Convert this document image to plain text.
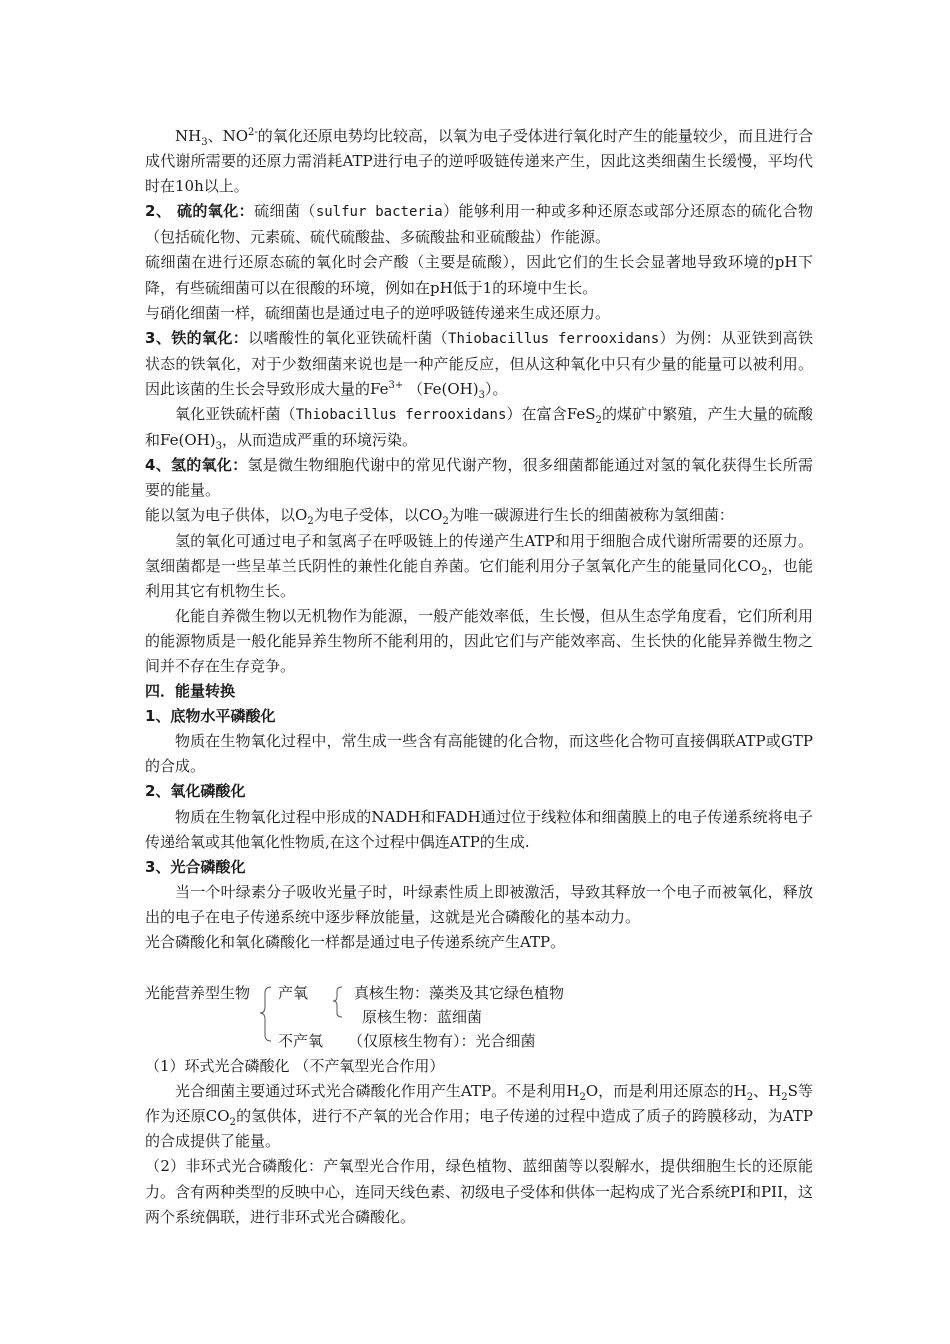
$NH_3$、$NO^{2-}$的氧化还原电势均比较高，以氧为电子受体进行氧化时产生的能量较少，而且进行合成代谢所需要的还原力需消耗ATP进行电子的逆呼吸链传递来产生，因此这类细菌生长缓慢，平均代时在10h以上。

2、 硫的氧化：硫细菌（sulfur bacteria）能够利用一种或多种还原态或部分还原态的硫化合物（包括硫化物、元素硫、硫代硫酸盐、多硫酸盐和亚硫酸盐）作能源。

硫细菌在进行还原态硫的氧化时会产酸（主要是硫酸），因此它们的生长会显著地导致环境的pH下降，有些硫细菌可以在很酸的环境，例如在pH低于1的环境中生长。

与硝化细菌一样，硫细菌也是通过电子的逆呼吸链传递来生成还原力。

3、铁的氧化：以嗜酸性的氧化亚铁硫杆菌（Thiobacillus ferrooxidans）为例：从亚铁到高铁状态的铁氧化，对于少数细菌来说也是一种产能反应，但从这种氧化中只有少量的能量可以被利用。因此该菌的生长会导致形成大量的$Fe^{3+}$ $(Fe(OH)_3)$。

氧化亚铁硫杆菌（Thiobacillus ferrooxidans）在富含FeS$_2$的煤矿中繁殖，产生大量的硫酸和$Fe(OH)_3$，从而造成严重的环境污染。

4、氢的氧化：氢是微生物细胞代谢中的常见代谢产物，很多细菌都能通过对氢的氧化获得生长所需要的能量。

能以氢为电子供体，以$O_2$为电子受体，以$CO_2$为唯一碳源进行生长的细菌被称为氢细菌：

氢的氧化可通过电子和氢离子在呼吸链上的传递产生ATP和用于细胞合成代谢所需要的还原力。氢细菌都是一些呈革兰氏阴性的兼性化能自养菌。它们能利用分子氢氧化产生的能量同化$CO_2$，也能利用其它有机物生长。

化能自养微生物以无机物作为能源，一般产能效率低，生长慢，但从生态学角度看，它们所利用的能源物质是一般化能异养生物所不能利用的，因此它们与产能效率高、生长快的化能异养微生物之间并不存在生存竞争。

四．能量转换

1、底物水平磷酸化

物质在生物氧化过程中，常生成一些含有高能键的化合物，而这些化合物可直接偶联ATP或GTP的合成。

2、氧化磷酸化

物质在生物氧化过程中形成的NADH和FADH通过位于线粒体和细菌膜上的电子传递系统将电子传递给氧或其他氧化性物质,在这个过程中偶连ATP的生成.

3、光合磷酸化

当一个叶绿素分子吸收光量子时，叶绿素性质上即被激活，导致其释放一个电子而被氧化，释放出的电子在电子传递系统中逐步释放能量，这就是光合磷酸化的基本动力。

光合磷酸化和氧化磷酸化一样都是通过电子传递系统产生ATP。

光能营养型生物 产氧	真核生物：藻类及其它绿色植物
原核生物：蓝细菌
不产氧 （仅原核生物有）：光合细菌

（1）环式光合磷酸化 （不产氧型光合作用）

光合细菌主要通过环式光合磷酸化作用产生ATP。不是利用$H_2O$，而是利用还原态的$H_2$、$H_2S$等作为还原$CO_2$的氢供体，进行不产氧的光合作用；电子传递的过程中造成了质子的跨膜移动，为ATP的合成提供了能量。

（2）非环式光合磷酸化：产氧型光合作用，绿色植物、蓝细菌等以裂解水，提供细胞生长的还原能力。含有两种类型的反映中心，连同天线色素、初级电子受体和供体一起构成了光合系统PI和PII，这两个系统偶联，进行非环式光合磷酸化。
